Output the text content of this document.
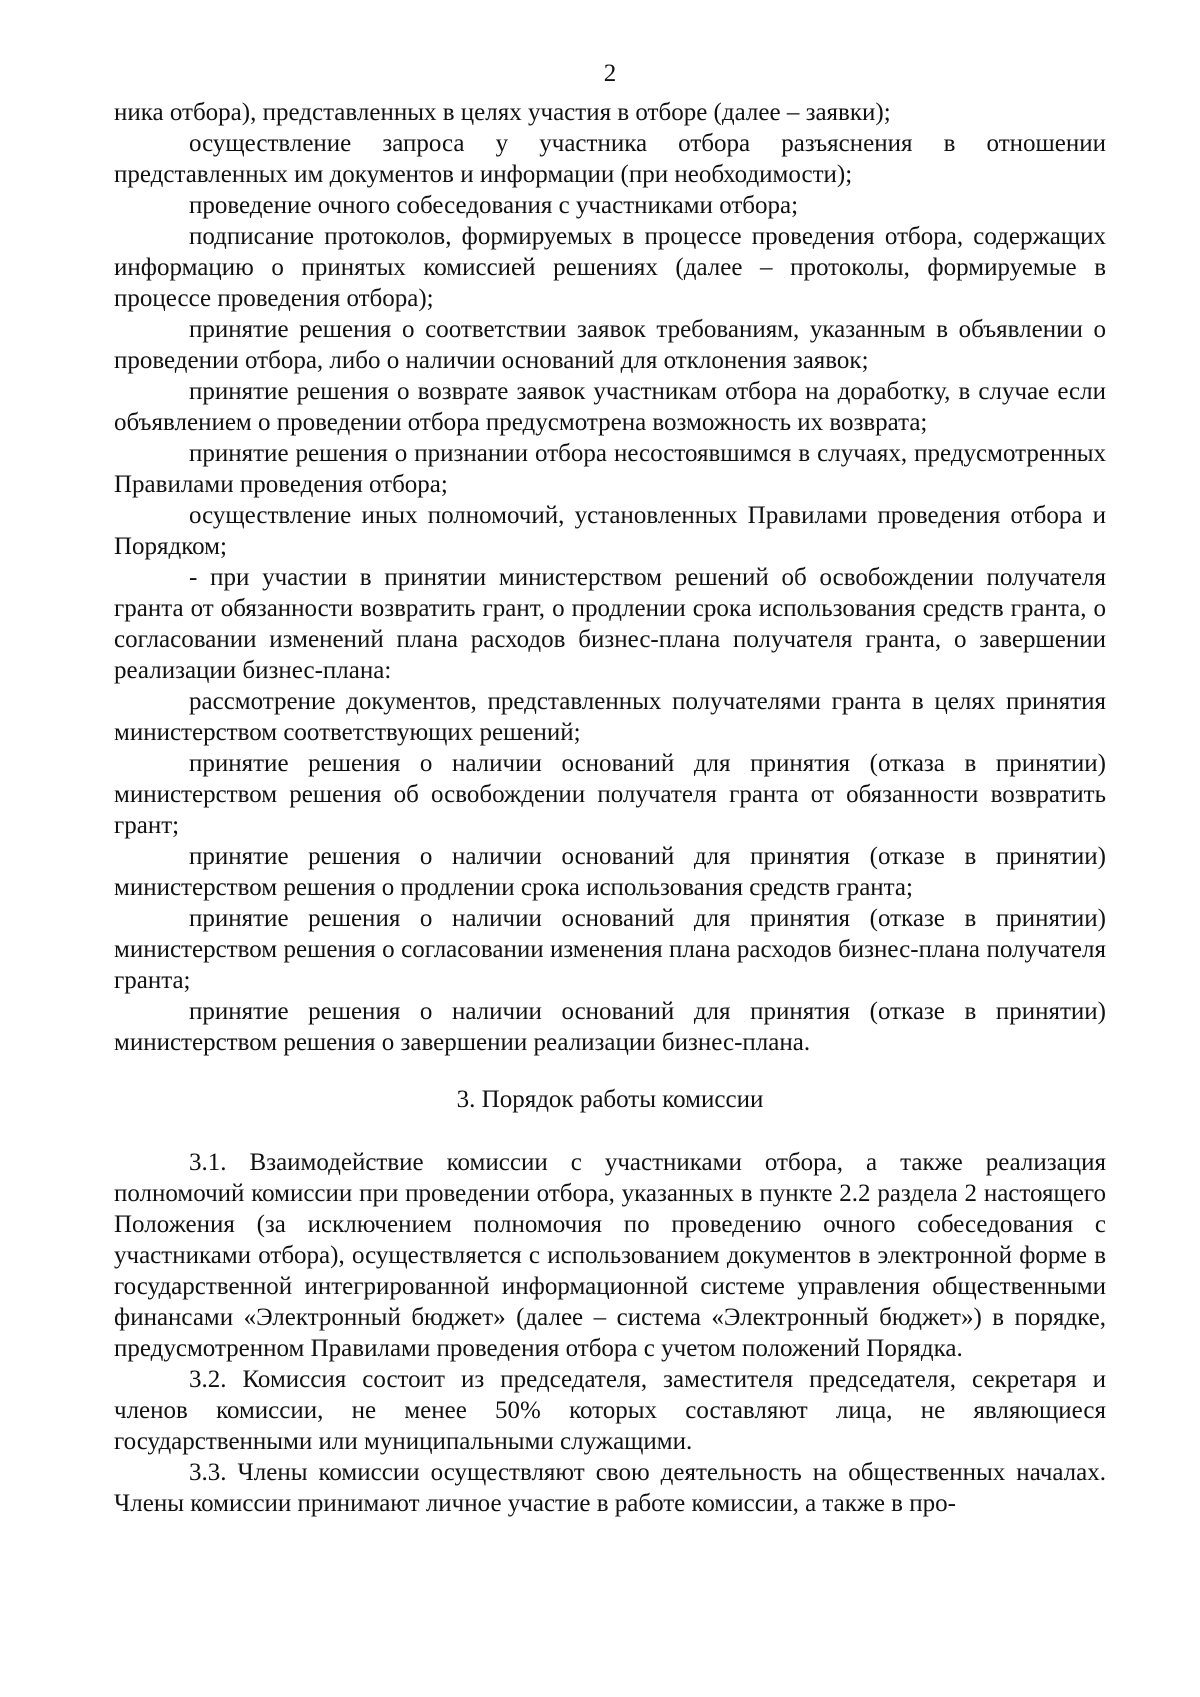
2

ника отбора), представленных в целях участия в отборе (далее – заявки);

осуществление запроса у участника отбора разъяснения в отношении представленных им документов и информации (при необходимости);

проведение очного собеседования с участниками отбора;

подписание протоколов, формируемых в процессе проведения отбора, содержащих информацию о принятых комиссией решениях (далее – протоколы, формируемые в процессе проведения отбора);

принятие решения о соответствии заявок требованиям, указанным в объявлении о проведении отбора, либо о наличии оснований для отклонения заявок;

принятие решения о возврате заявок участникам отбора на доработку, в случае если объявлением о проведении отбора предусмотрена возможность их возврата;

принятие решения о признании отбора несостоявшимся в случаях, предусмотренных Правилами проведения отбора;

осуществление иных полномочий, установленных Правилами проведения отбора и Порядком;

- при участии в принятии министерством решений об освобождении получателя гранта от обязанности возвратить грант, о продлении срока использования средств гранта, о согласовании изменений плана расходов бизнес-плана получателя гранта, о завершении реализации бизнес-плана:

рассмотрение документов, представленных получателями гранта в целях принятия министерством соответствующих решений;

принятие решения о наличии оснований для принятия (отказа в принятии) министерством решения об освобождении получателя гранта от обязанности возвратить грант;

принятие решения о наличии оснований для принятия (отказе в принятии) министерством решения о продлении срока использования средств гранта;

принятие решения о наличии оснований для принятия (отказе в принятии) министерством решения о согласовании изменения плана расходов бизнес-плана получателя гранта;

принятие решения о наличии оснований для принятия (отказе в принятии) министерством решения о завершении реализации бизнес-плана.

3. Порядок работы комиссии

3.1. Взаимодействие комиссии с участниками отбора, а также реализация полномочий комиссии при проведении отбора, указанных в пункте 2.2 раздела 2 настоящего Положения (за исключением полномочия по проведению очного собеседования с участниками отбора), осуществляется с использованием документов в электронной форме в государственной интегрированной информационной системе управления общественными финансами «Электронный бюджет» (далее – система «Электронный бюджет») в порядке, предусмотренном Правилами проведения отбора с учетом положений Порядка.

3.2. Комиссия состоит из председателя, заместителя председателя, секретаря и членов комиссии, не менее 50% которых составляют лица, не являющиеся государственными или муниципальными служащими.

3.3. Члены комиссии осуществляют свою деятельность на общественных началах. Члены комиссии принимают личное участие в работе комиссии, а также в про-
